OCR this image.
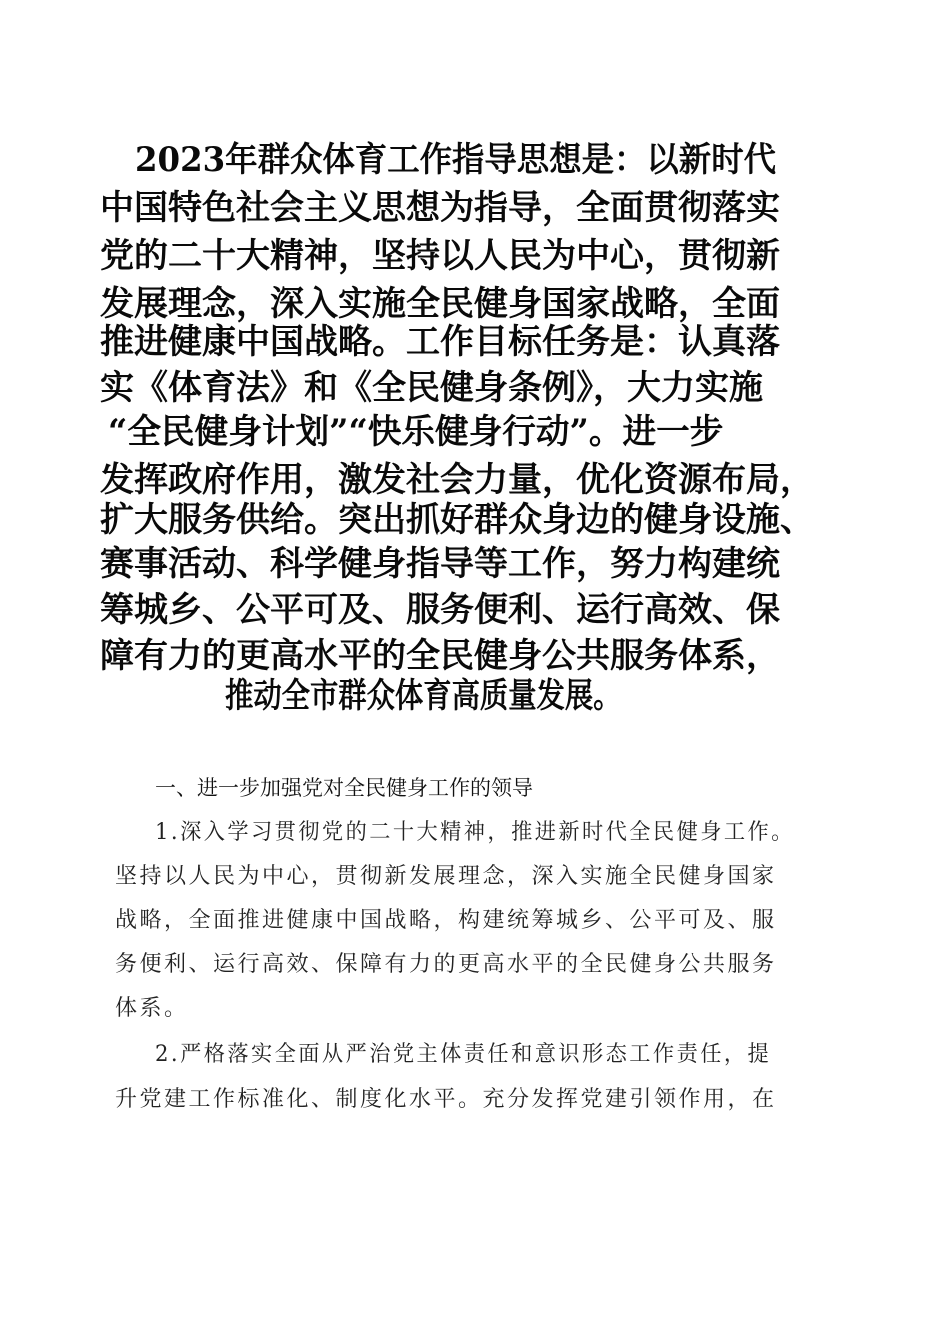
2023年群众体育工作指导思想是：以新时代
中国特色社会主义思想为指导，全面贯彻落实
党的二十大精神，坚持以人民为中心，贯彻新
发展理念，深入实施全民健身国家战略，全面
推进健康中国战略。工作目标任务是：认真落
实《体育法》和《全民健身条例》，大力实施
“全民健身计划”“快乐健身行动”。进一步
发挥政府作用，激发社会力量，优化资源布局，
扩大服务供给。突出抓好群众身边的健身设施、
赛事活动、科学健身指导等工作，努力构建统
筹城乡、公平可及、服务便利、运行高效、保
障有力的更高水平的全民健身公共服务体系，
推动全市群众体育高质量发展。
一、进一步加强党对全民健身工作的领导
1.深入学习贯彻党的二十大精神，推进新时代全民健身工作。
坚持以人民为中心，贯彻新发展理念，深入实施全民健身国家
战略，全面推进健康中国战略，构建统筹城乡、公平可及、服
务便利、运行高效、保障有力的更高水平的全民健身公共服务
体系。
2.严格落实全面从严治党主体责任和意识形态工作责任，提
升党建工作标准化、制度化水平。充分发挥党建引领作用，在
